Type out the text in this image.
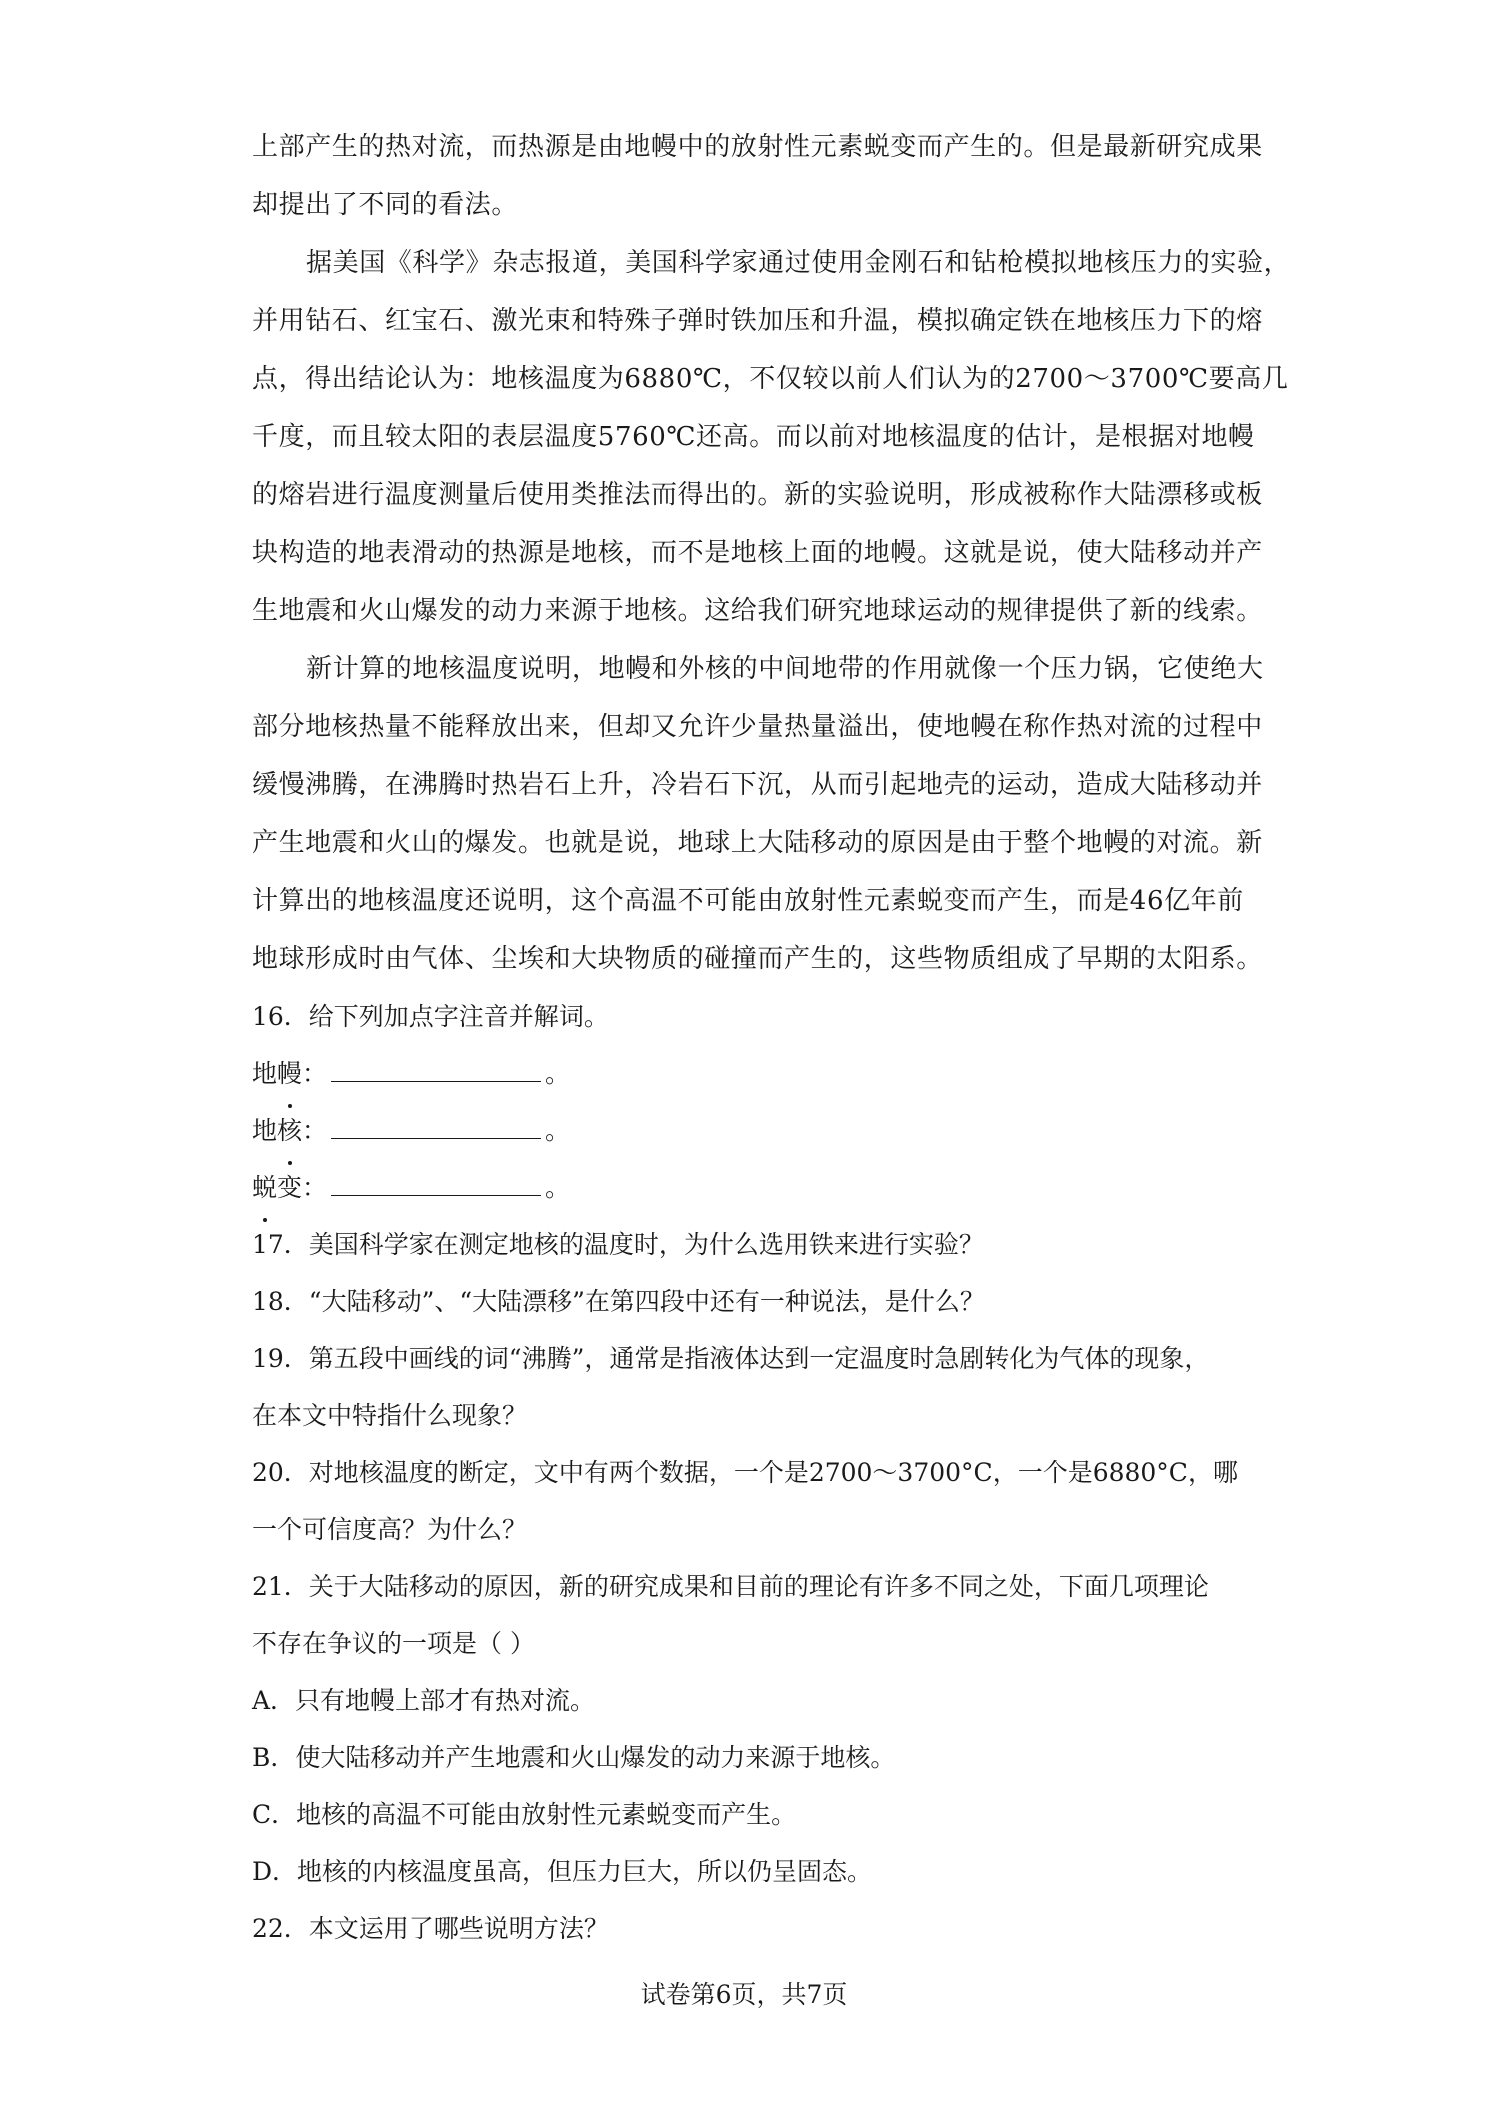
上部产生的热对流，而热源是由地幔中的放射性元素蜕变而产生的。但是最新研究成果
却提出了不同的看法。
据美国《科学》杂志报道，美国科学家通过使用金刚石和钻枪模拟地核压力的实验，
并用钻石、红宝石、激光束和特殊子弹时铁加压和升温，模拟确定铁在地核压力下的熔
点，得出结论认为：地核温度为6880℃，不仅较以前人们认为的2700～3700℃要高几
千度，而且较太阳的表层温度5760℃还高。而以前对地核温度的估计，是根据对地幔
的熔岩进行温度测量后使用类推法而得出的。新的实验说明，形成被称作大陆漂移或板
块构造的地表滑动的热源是地核，而不是地核上面的地幔。这就是说，使大陆移动并产
生地震和火山爆发的动力来源于地核。这给我们研究地球运动的规律提供了新的线索。
新计算的地核温度说明，地幔和外核的中间地带的作用就像一个压力锅，它使绝大
部分地核热量不能释放出来，但却又允许少量热量溢出，使地幔在称作热对流的过程中
缓慢沸腾，在沸腾时热岩石上升，冷岩石下沉，从而引起地壳的运动，造成大陆移动并
产生地震和火山的爆发。也就是说，地球上大陆移动的原因是由于整个地幔的对流。新
计算出的地核温度还说明，这个高温不可能由放射性元素蜕变而产生，而是46亿年前
地球形成时由气体、尘埃和大块物质的碰撞而产生的，这些物质组成了早期的太阳系。
16．给下列加点字注音并解词。
地幔：	。
地核：	。
蜕变：	。
17．美国科学家在测定地核的温度时，为什么选用铁来进行实验？
18．“大陆移动”、“大陆漂移”在第四段中还有一种说法，是什么？
19．第五段中画线的词“沸腾”，通常是指液体达到一定温度时急剧转化为气体的现象，
在本文中特指什么现象？
20．对地核温度的断定，文中有两个数据，一个是2700～3700°C，一个是6880°C，哪
一个可信度高？为什么？
21．关于大陆移动的原因，新的研究成果和目前的理论有许多不同之处，下面几项理论
不存在争议的一项是（ ）
A．只有地幔上部才有热对流。
B．使大陆移动并产生地震和火山爆发的动力来源于地核。
C．地核的高温不可能由放射性元素蜕变而产生。
D．地核的内核温度虽高，但压力巨大，所以仍呈固态。
22．本文运用了哪些说明方法？
试卷第6页，共7页
